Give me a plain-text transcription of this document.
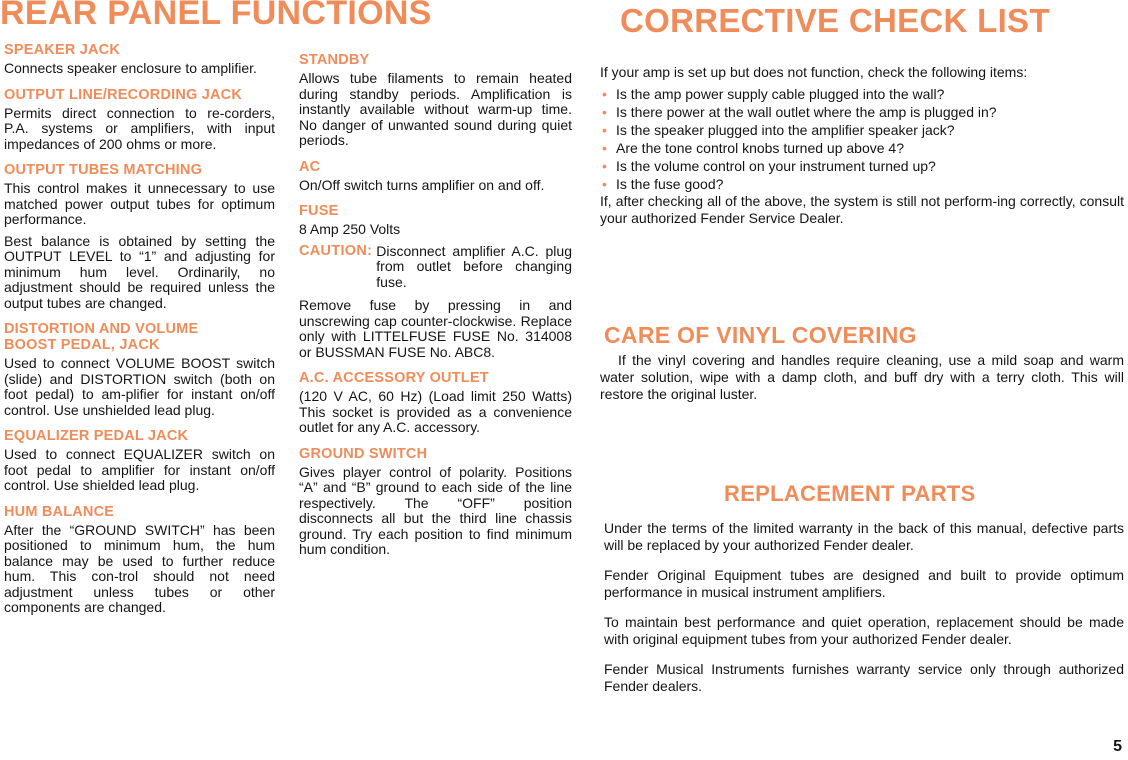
REAR PANEL FUNCTIONS
SPEAKER JACK

Connects speaker enclosure to amplifier.

OUTPUT LINE/RECORDING JACK

Permits direct connection to re-corders, P.A. systems or amplifiers, with input impedances of 200 ohms or more.

OUTPUT TUBES MATCHING

This control makes it unnecessary to use matched power output tubes for optimum performance.

Best balance is obtained by setting the OUTPUT LEVEL to “1” and adjusting for minimum hum level. Ordinarily, no adjustment should be required unless the output tubes are changed.

DISTORTION AND VOLUME
BOOST PEDAL, JACK

Used to connect VOLUME BOOST switch (slide) and DISTORTION switch (both on foot pedal) to am-plifier for instant on/off control. Use unshielded lead plug.

EQUALIZER PEDAL JACK

Used to connect EQUALIZER switch on foot pedal to amplifier for instant on/off control. Use shielded lead plug.

HUM BALANCE

After the “GROUND SWITCH” has been positioned to minimum hum, the hum balance may be used to further reduce hum. This con-trol should not need adjustment unless tubes or other components are changed.

STANDBY

Allows tube filaments to remain heated during standby periods. Amplification is instantly available without warm-up time. No danger of unwanted sound during quiet periods.

AC

On/Off switch turns amplifier on and off.

FUSE

8 Amp 250 Volts

CAUTION: Disconnect amplifier A.C. plug from outlet before changing fuse.

Remove fuse by pressing in and unscrewing cap counter-clockwise. Replace only with LITTELFUSE FUSE No. 314008 or BUSSMAN FUSE No. ABC8.

A.C. ACCESSORY OUTLET

(120 V AC, 60 Hz) (Load limit 250 Watts) This socket is provided as a convenience outlet for any A.C. accessory.

GROUND SWITCH

Gives player control of polarity. Positions “A” and “B” ground to each side of the line respectively. The “OFF” position disconnects all but the third line chassis ground. Try each position to find minimum hum condition.

CORRECTIVE CHECK LIST

If your amp is set up but does not function, check the following items:

• Is the amp power supply cable plugged into the wall?
• Is there power at the wall outlet where the amp is plugged in?
• Is the speaker plugged into the amplifier speaker jack?
• Are the tone control knobs turned up above 4?
• Is the volume control on your instrument turned up?
• Is the fuse good?

If, after checking all of the above, the system is still not perform-ing correctly, consult your authorized Fender Service Dealer.

CARE OF VINYL COVERING

If the vinyl covering and handles require cleaning, use a mild soap and warm water solution, wipe with a damp cloth, and buff dry with a terry cloth. This will restore the original luster.

REPLACEMENT PARTS

Under the terms of the limited warranty in the back of this manual, defective parts will be replaced by your authorized Fender dealer.

Fender Original Equipment tubes are designed and built to provide optimum performance in musical instrument amplifiers.

To maintain best performance and quiet operation, replacement should be made with original equipment tubes from your authorized Fender dealer.

Fender Musical Instruments furnishes warranty service only through authorized Fender dealers.

5
